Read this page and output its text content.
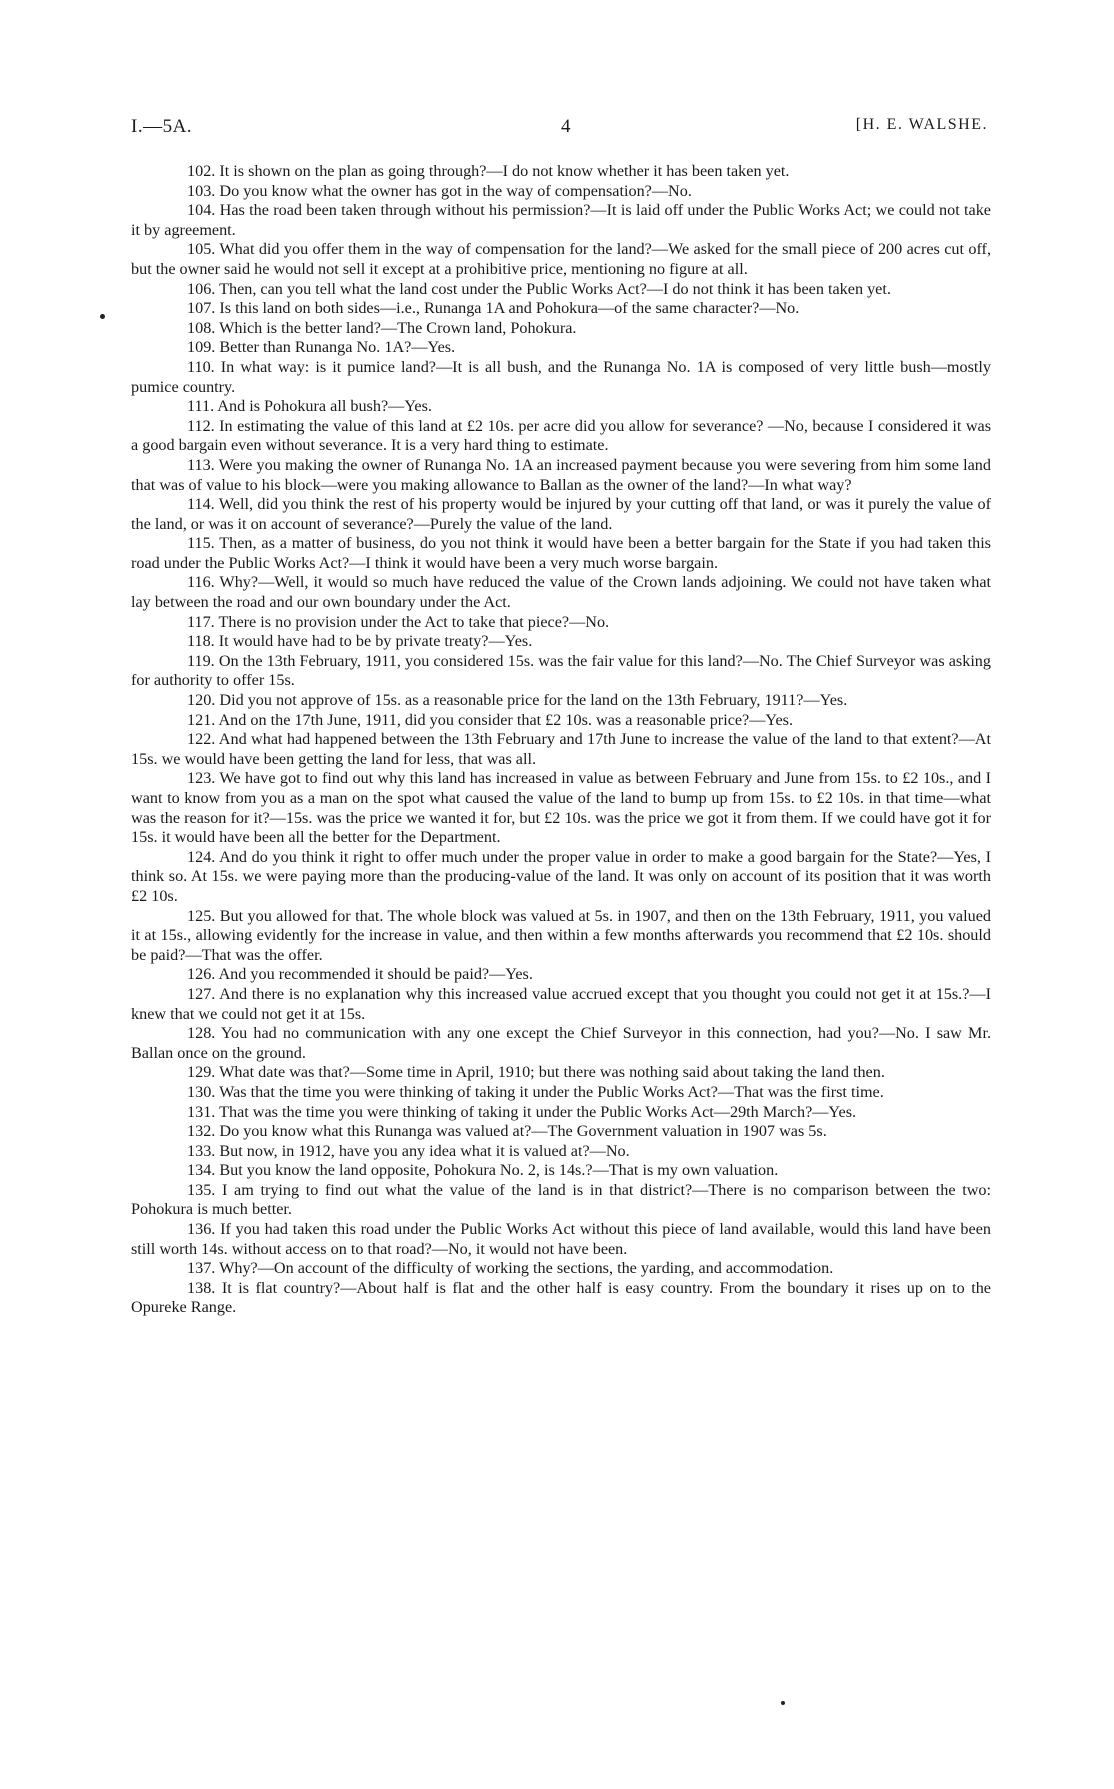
I.—5A.	4	[H. E. WALSHE.

102. It is shown on the plan as going through?—I do not know whether it has been taken yet.

103. Do you know what the owner has got in the way of compensation?—No.

104. Has the road been taken through without his permission?—It is laid off under the Public Works Act; we could not take it by agreement.

105. What did you offer them in the way of compensation for the land?—We asked for the small piece of 200 acres cut off, but the owner said he would not sell it except at a prohibitive price, mentioning no figure at all.

106. Then, can you tell what the land cost under the Public Works Act?—I do not think it has been taken yet.

107. Is this land on both sides—i.e., Runanga 1A and Pohokura—of the same character?—No.

108. Which is the better land?—The Crown land, Pohokura.

109. Better than Runanga No. 1A?—Yes.

110. In what way: is it pumice land?—It is all bush, and the Runanga No. 1A is composed of very little bush—mostly pumice country.

111. And is Pohokura all bush?—Yes.

112. In estimating the value of this land at £2 10s. per acre did you allow for severance? —No, because I considered it was a good bargain even without severance. It is a very hard thing to estimate.

113. Were you making the owner of Runanga No. 1A an increased payment because you were severing from him some land that was of value to his block—were you making allowance to Ballan as the owner of the land?—In what way?

114. Well, did you think the rest of his property would be injured by your cutting off that land, or was it purely the value of the land, or was it on account of severance?—Purely the value of the land.

115. Then, as a matter of business, do you not think it would have been a better bargain for the State if you had taken this road under the Public Works Act?—I think it would have been a very much worse bargain.

116. Why?—Well, it would so much have reduced the value of the Crown lands adjoining. We could not have taken what lay between the road and our own boundary under the Act.

117. There is no provision under the Act to take that piece?—No.

118. It would have had to be by private treaty?—Yes.

119. On the 13th February, 1911, you considered 15s. was the fair value for this land?—No. The Chief Surveyor was asking for authority to offer 15s.

120. Did you not approve of 15s. as a reasonable price for the land on the 13th February, 1911?—Yes.

121. And on the 17th June, 1911, did you consider that £2 10s. was a reasonable price?—Yes.

122. And what had happened between the 13th February and 17th June to increase the value of the land to that extent?—At 15s. we would have been getting the land for less, that was all.

123. We have got to find out why this land has increased in value as between February and June from 15s. to £2 10s., and I want to know from you as a man on the spot what caused the value of the land to bump up from 15s. to £2 10s. in that time—what was the reason for it?—15s. was the price we wanted it for, but £2 10s. was the price we got it from them. If we could have got it for 15s. it would have been all the better for the Department.

124. And do you think it right to offer much under the proper value in order to make a good bargain for the State?—Yes, I think so. At 15s. we were paying more than the producing-value of the land. It was only on account of its position that it was worth £2 10s.

125. But you allowed for that. The whole block was valued at 5s. in 1907, and then on the 13th February, 1911, you valued it at 15s., allowing evidently for the increase in value, and then within a few months afterwards you recommend that £2 10s. should be paid?—That was the offer.

126. And you recommended it should be paid?—Yes.

127. And there is no explanation why this increased value accrued except that you thought you could not get it at 15s.?—I knew that we could not get it at 15s.

128. You had no communication with any one except the Chief Surveyor in this connection, had you?—No. I saw Mr. Ballan once on the ground.

129. What date was that?—Some time in April, 1910; but there was nothing said about taking the land then.

130. Was that the time you were thinking of taking it under the Public Works Act?—That was the first time.

131. That was the time you were thinking of taking it under the Public Works Act—29th March?—Yes.

132. Do you know what this Runanga was valued at?—The Government valuation in 1907 was 5s.

133. But now, in 1912, have you any idea what it is valued at?—No.

134. But you know the land opposite, Pohokura No. 2, is 14s.?—That is my own valuation.

135. I am trying to find out what the value of the land is in that district?—There is no comparison between the two: Pohokura is much better.

136. If you had taken this road under the Public Works Act without this piece of land available, would this land have been still worth 14s. without access on to that road?—No, it would not have been.

137. Why?—On account of the difficulty of working the sections, the yarding, and accommodation.

138. It is flat country?—About half is flat and the other half is easy country. From the boundary it rises up on to the Opureke Range.
